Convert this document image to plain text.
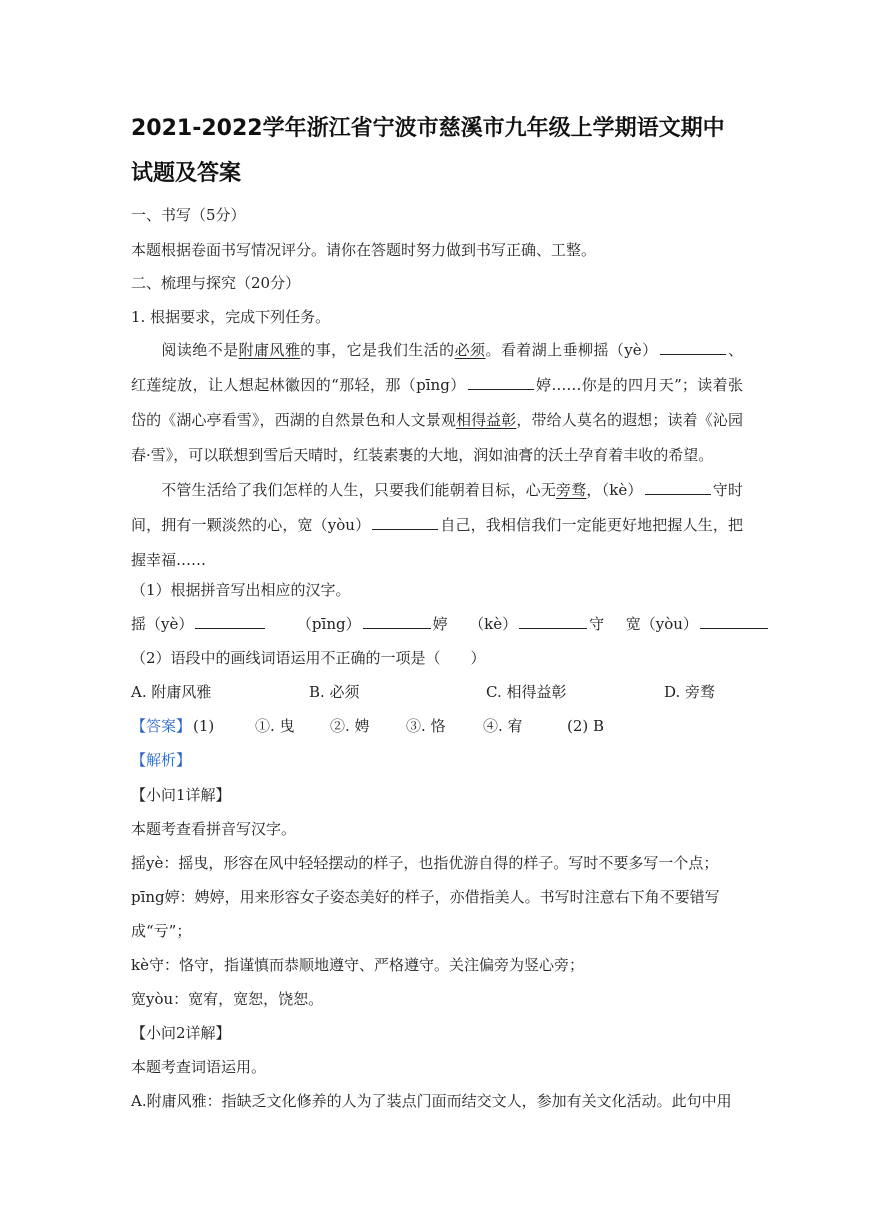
2021-2022学年浙江省宁波市慈溪市九年级上学期语文期中
试题及答案
一、书写（5分）
本题根据卷面书写情况评分。请你在答题时努力做到书写正确、工整。
二、梳理与探究（20分）
1. 根据要求，完成下列任务。
阅读绝不是附庸风雅的事，它是我们生活的必须。看着湖上垂柳摇（yè）	、红莲绽放，让人想起林徽因的“那轻，那（pīng）	婷……你是的四月天”；读着张岱的《湖心亭看雪》，西湖的自然景色和人文景观相得益彰，带给人莫名的遐想；读着《沁园春·雪》，可以联想到雪后天晴时，红装素裹的大地，润如油膏的沃土孕育着丰收的希望。
不管生活给了我们怎样的人生，只要我们能朝着目标，心无旁骛，（kè）	守时间，拥有一颗淡然的心，宽（yòu）	自己，我相信我们一定能更好地把握人生，把握幸福……
（1）根据拼音写出相应的汉字。
摇（yè）	（pīng）	婷 （kè）	守 宽（yòu）
（2）语段中的画线词语运用不正确的一项是（　　）
A. 附庸风雅	B. 必须	C. 相得益彰	D. 旁骛
【答案】 (1)	①. 曳 ②. 娉 ③. 恪 ④. 宥	(2) B
【解析】
【小问1详解】
本题考查看拼音写汉字。
摇yè：摇曳，形容在风中轻轻摆动的样子，也指优游自得的样子。写时不要多写一个点；
pīng婷：娉婷，用来形容女子姿态美好的样子，亦借指美人。书写时注意右下角不要错写
成“亏”；
kè守：恪守，指谨慎而恭顺地遵守、严格遵守。关注偏旁为竖心旁；
宽yòu：宽宥，宽恕，饶恕。
【小问2详解】
本题考查词语运用。
A.附庸风雅：指缺乏文化修养的人为了装点门面而结交文人，参加有关文化活动。此句中用
